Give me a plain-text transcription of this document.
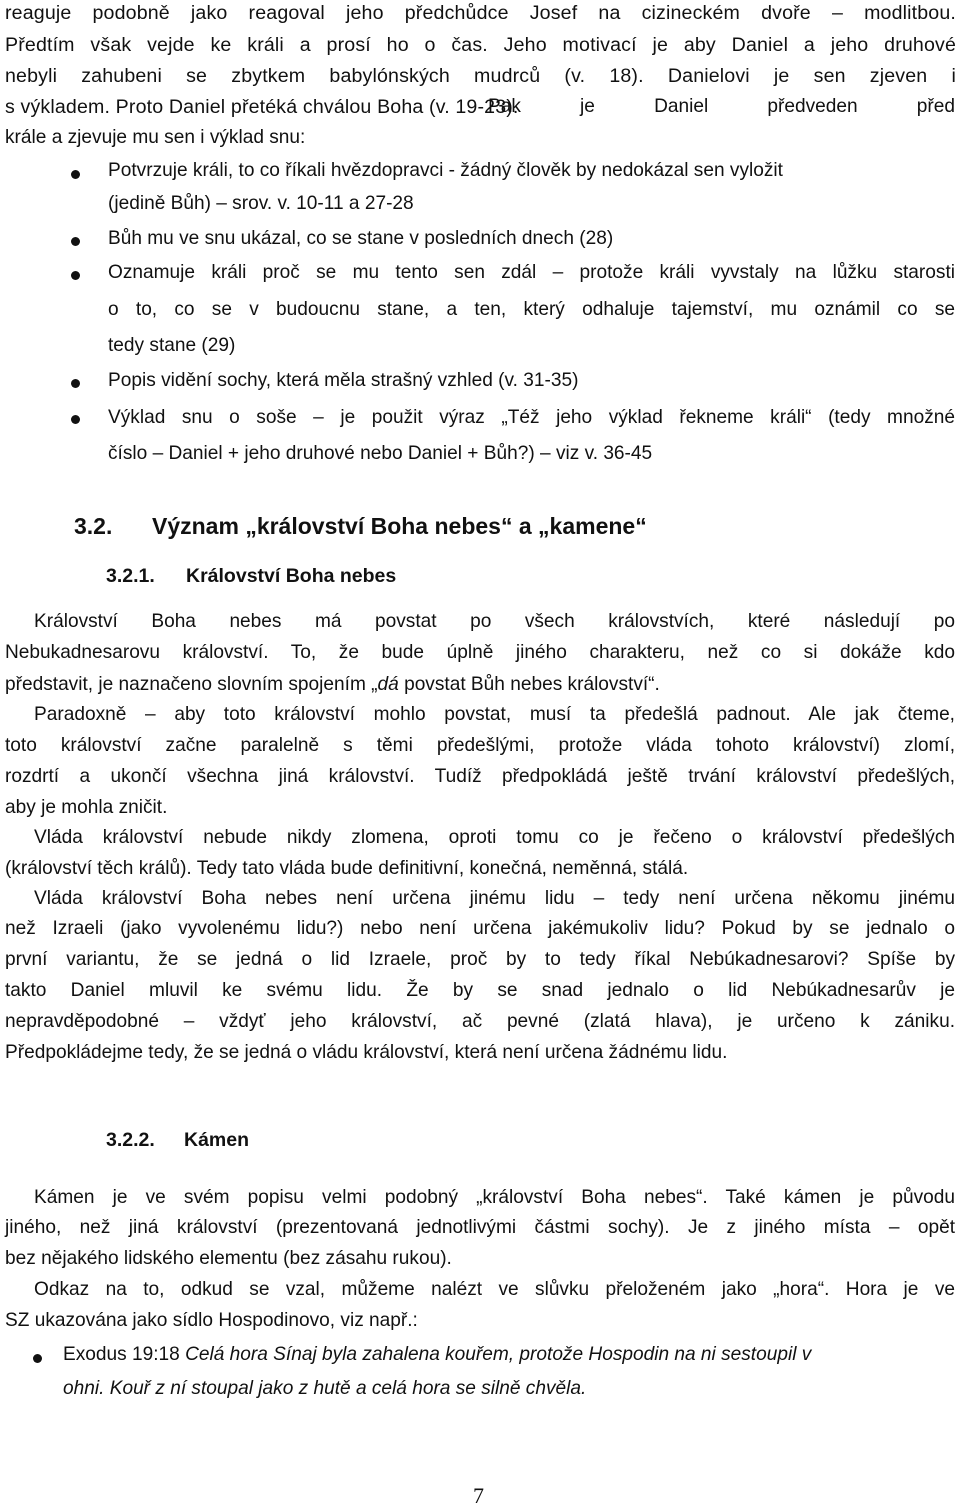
reaguje podobně jako reagoval jeho předchůdce Josef na cizineckém dvoře – modlitbou.
Předtím však vejde ke králi a prosí ho o čas. Jeho motivací je aby Daniel a jeho druhové
nebyli zahubeni se zbytkem babylónských mudrců (v. 18). Danielovi je sen zjeven i
s výkladem. Proto Daniel přetéká chválou Boha (v. 19-23).
Pak je Daniel předveden před
krále a zjevuje mu sen i výklad snu:
Potvrzuje králi, to co říkali hvězdopravci - žádný člověk by nedokázal sen vyložit
(jedině Bůh) – srov. v. 10-11 a 27-28
Bůh mu ve snu ukázal, co se stane v posledních dnech (28)
Oznamuje králi proč se mu tento sen zdál – protože králi vyvstaly na lůžku starosti
o to, co se v budoucnu stane, a ten, který odhaluje tajemství, mu oznámil co se
tedy stane (29)
Popis vidění sochy, která měla strašný vzhled (v. 31-35)
Výklad snu o soše – je použit výraz „Též jeho výklad řekneme králi“ (tedy množné
číslo – Daniel + jeho druhové nebo Daniel + Bůh?) – viz v. 36-45
3.2. Význam „království Boha nebes“ a „kamene“
3.2.1. Království Boha nebes
Království Boha nebes má povstat po všech královstvích, které následují po
Nebukadnesarovu království. To, že bude úplně jiného charakteru, než co si dokáže kdo
představit, je naznačeno slovním spojením „dá povstat Bůh nebes království“.
Paradoxně – aby toto království mohlo povstat, musí ta předešlá padnout. Ale jak čteme,
toto království začne paralelně s těmi předešlými, protože vláda tohoto království) zlomí,
rozdrtí a ukončí všechna jiná království. Tudíž předpokládá ještě trvání království předešlých,
aby je mohla zničit.
Vláda království nebude nikdy zlomena, oproti tomu co je řečeno o království předešlých
(království těch králů). Tedy tato vláda bude definitivní, konečná, neměnná, stálá.
Vláda království Boha nebes není určena jinému lidu – tedy není určena někomu jinému
než Izraeli (jako vyvolenému lidu?) nebo není určena jakémukoliv lidu? Pokud by se jednalo o
první variantu, že se jedná o lid Izraele, proč by to tedy říkal Nebúkadnesarovi? Spíše by
takto Daniel mluvil ke svému lidu. Že by se snad jednalo o lid Nebúkadnesarův je
nepravděpodobné – vždyť jeho království, ač pevné (zlatá hlava), je určeno k zániku.
Předpokládejme tedy, že se jedná o vládu království, která není určena žádnému lidu.
3.2.2. Kámen
Kámen je ve svém popisu velmi podobný „království Boha nebes“. Také kámen je původu
jiného, než jiná království (prezentovaná jednotlivými částmi sochy). Je z jiného místa – opět
bez nějakého lidského elementu (bez zásahu rukou).
Odkaz na to, odkud se vzal, můžeme nalézt ve slůvku přeloženém jako „hora“. Hora je ve
SZ ukazována jako sídlo Hospodinovo, viz např.:
Exodus 19:18 Celá hora Sínaj byla zahalena kouřem, protože Hospodin na ni sestoupil v
ohni. Kouř z ní stoupal jako z hutě a celá hora se silně chvěla.
7
